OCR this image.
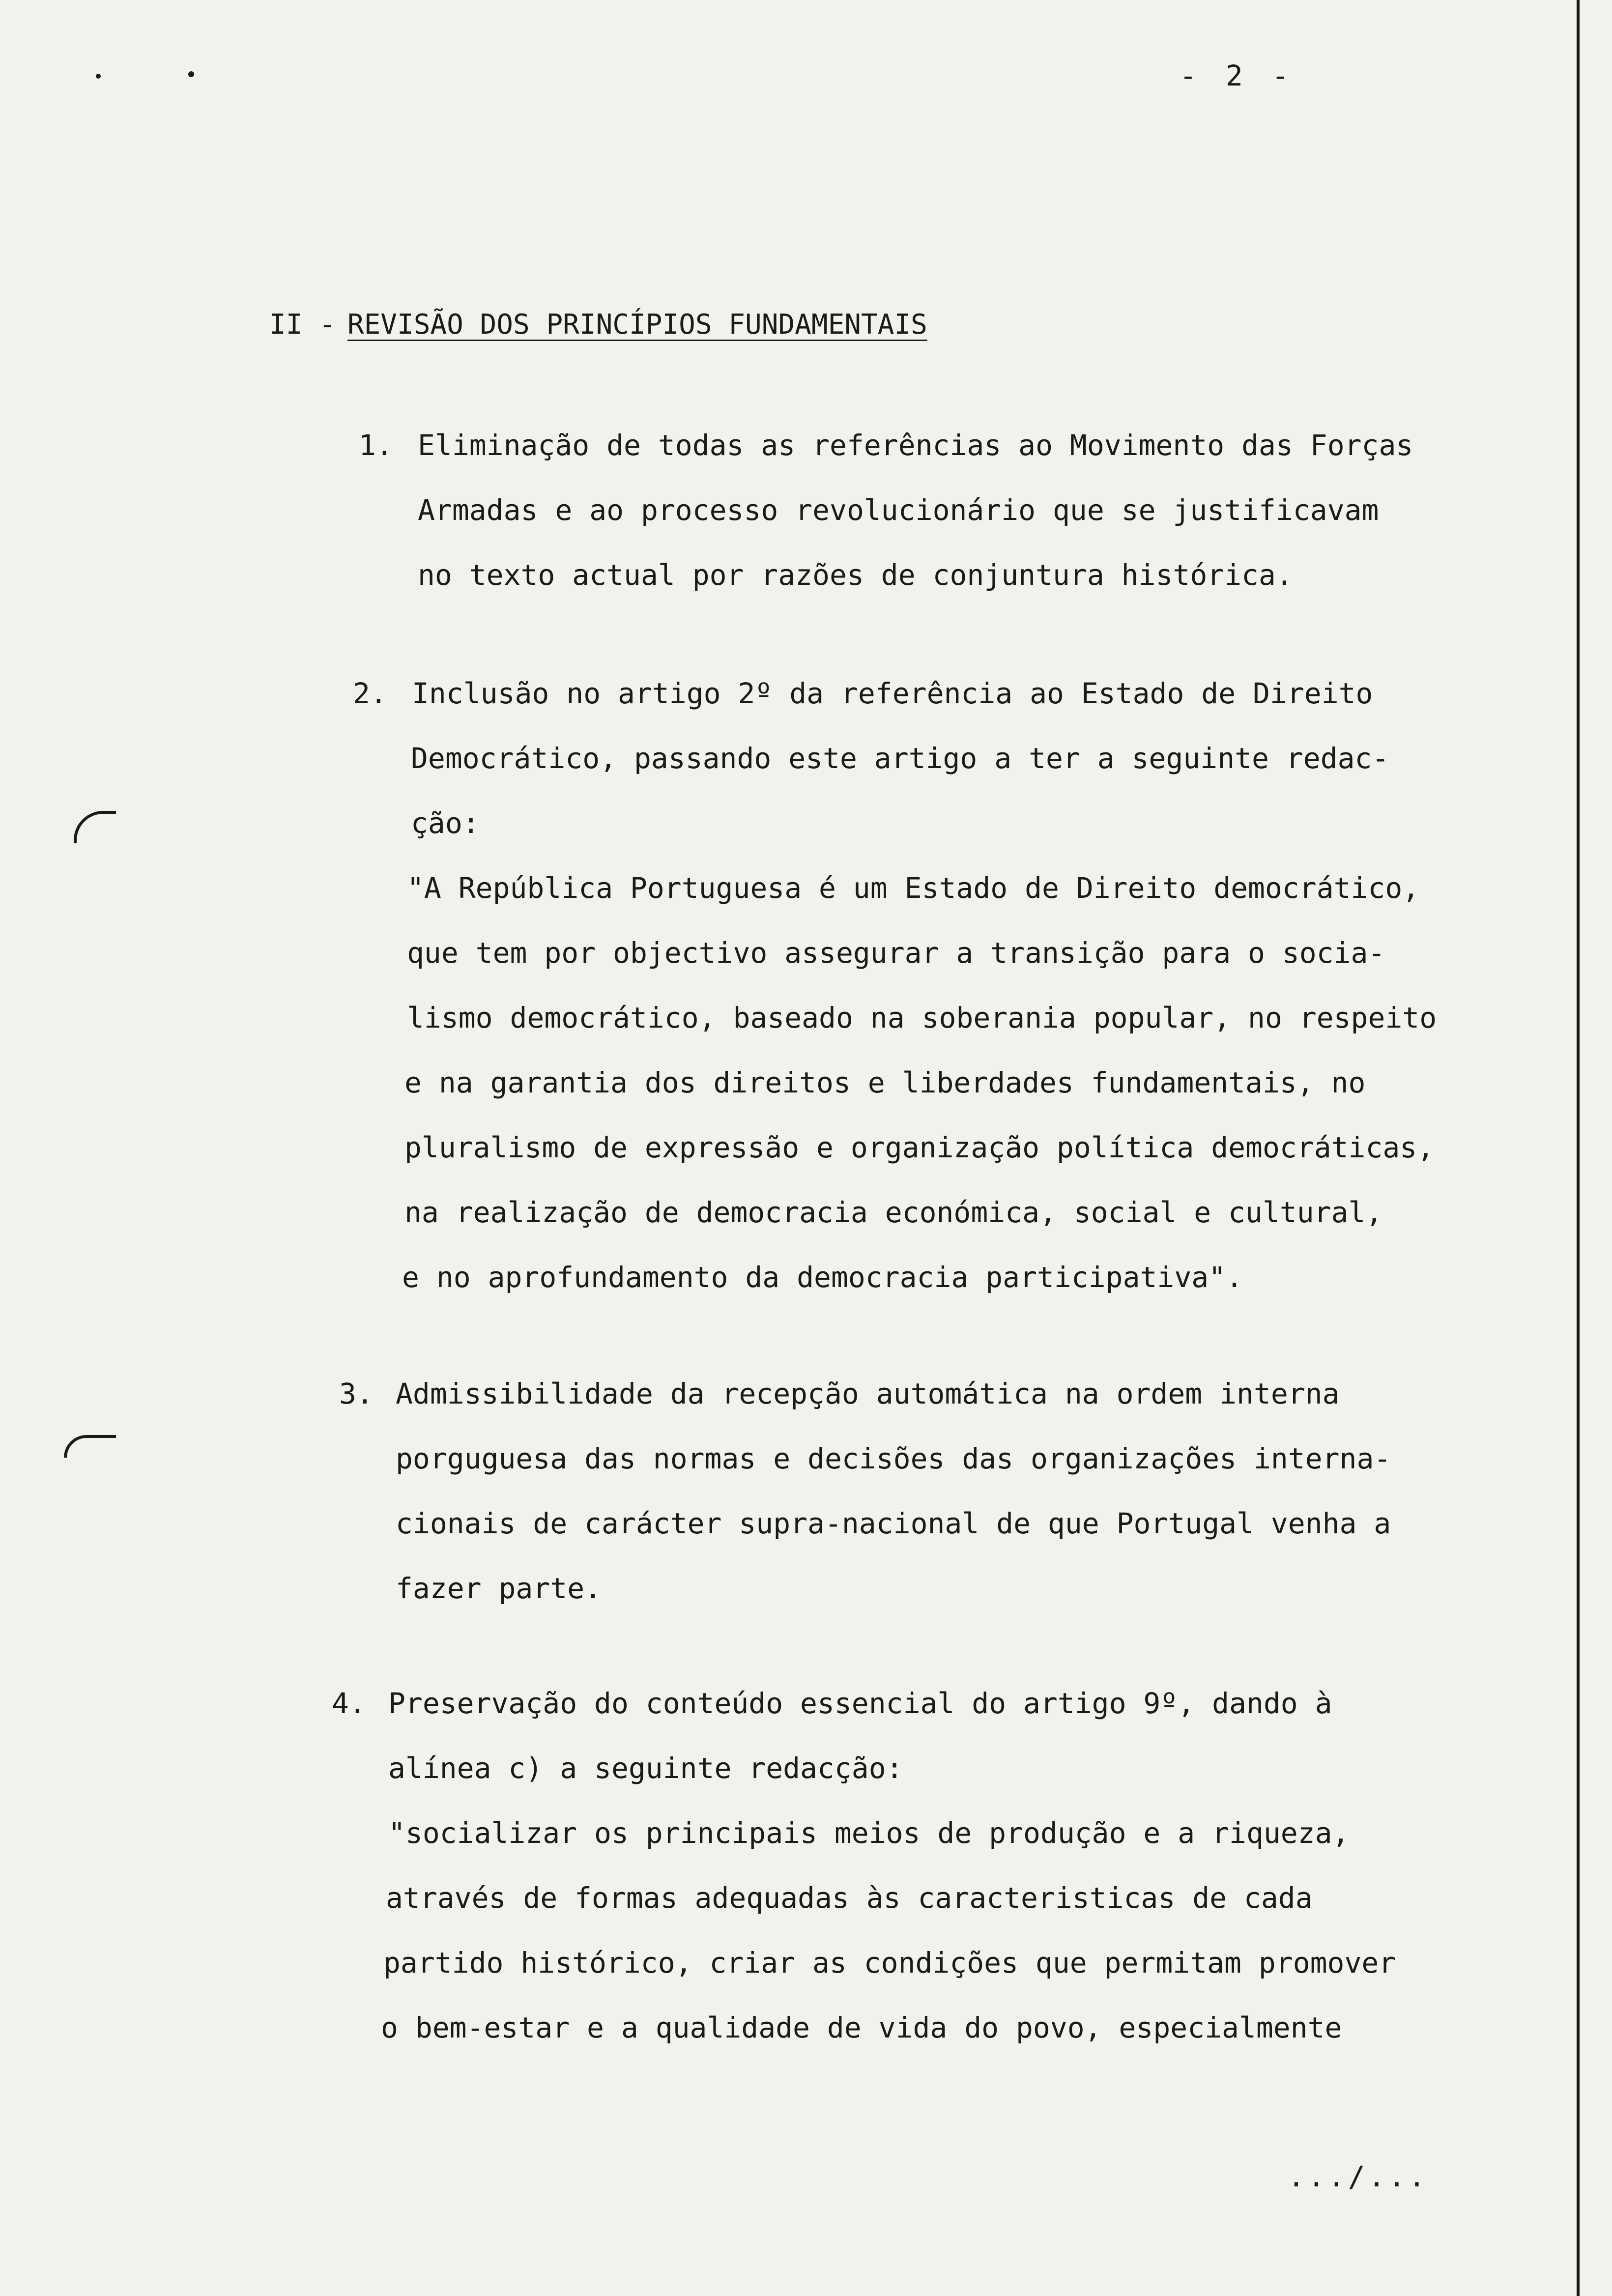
- 2 -
II - REVISÃO DOS PRINCÍPIOS FUNDAMENTAIS
1. Eliminação de todas as referências ao Movimento das Forças
Armadas e ao processo revolucionário que se justificavam
no texto actual por razões de conjuntura histórica.
2. Inclusão no artigo 2º da referência ao Estado de Direito
Democrático, passando este artigo a ter a seguinte redac-
ção:
"A República Portuguesa é um Estado de Direito democrático,
que tem por objectivo assegurar a transição para o socia-
lismo democrático, baseado na soberania popular, no respeito
e na garantia dos direitos e liberdades fundamentais, no
pluralismo de expressão e organização política democráticas,
na realização de democracia económica, social e cultural,
e no aprofundamento da democracia participativa".
3. Admissibilidade da recepção automática na ordem interna
porguguesa das normas e decisões das organizações interna-
cionais de carácter supra-nacional de que Portugal venha a
fazer parte.
4. Preservação do conteúdo essencial do artigo 9º, dando à
alínea c) a seguinte redacção:
"socializar os principais meios de produção e a riqueza,
através de formas adequadas às caracteristicas de cada
partido histórico, criar as condições que permitam promover
o bem-estar e a qualidade de vida do povo, especialmente
.../...
